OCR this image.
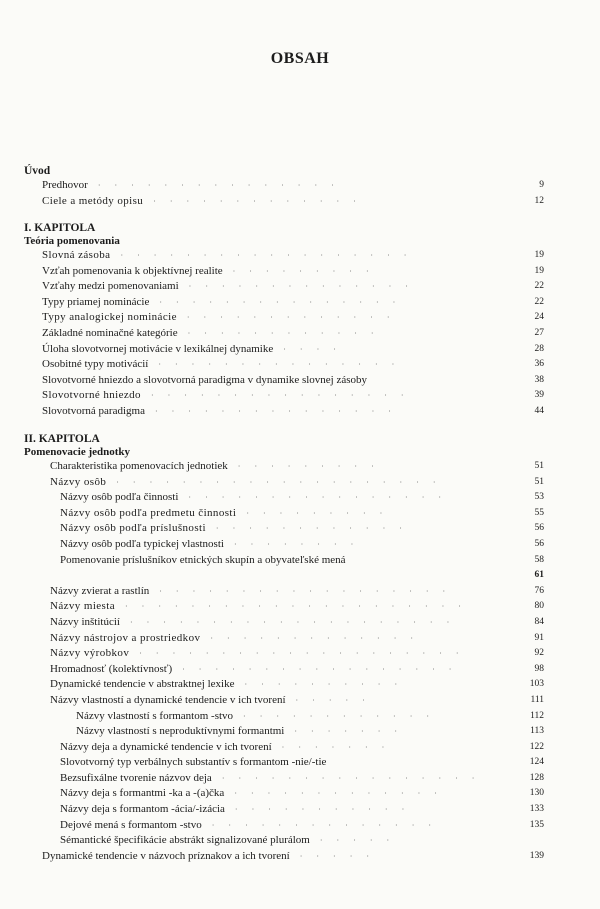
OBSAH
Úvod
Predhovor · · · · · · · · · · · · · · ·	9
Ciele a metódy opisu · · · · · · · · · · · · ·	12
I. KAPITOLA
Teória pomenovania
Slovná zásoba · · · · · · · · · · · · · · · · · ·	19
Vzťah pomenovania k objektívnej realite · · · · · · · · ·	19
Vzťahy medzi pomenovaniami · · · · · · · · · · · · · ·	22
Typy priamej nominácie · · · · · · · · · · · · · · ·	22
Typy analogickej nominácie · · · · · · · · · · · · ·	24
Základné nominačné kategórie · · · · · · · · · · · ·	27
Úloha slovotvornej motivácie v lexikálnej dynamike · · · ·	28
Osobitné typy motivácií · · · · · · · · · · · · · · ·	36
Slovotvorné hniezdo a slovotvorná paradigma v dynamike slovnej zásoby	38
Slovotvorné hniezdo · · · · · · · · · · · · · · · ·	39
Slovotvorná paradigma · · · · · · · · · · · · · · ·	44
II. KAPITOLA
Pomenovacie jednotky
Charakteristika pomenovacích jednotiek · · · · · · · · ·	51
Názvy osôb · · · · · · · · · · · · · · · · · · · ·	51
Názvy osôb podľa činnosti · · · · · · · · · · · · · · · ·	53
Názvy osôb podľa predmetu činnosti · · · · · · · · ·	55
Názvy osôb podľa príslušnosti · · · · · · · · · · · ·	56
Názvy osôb podľa typickej vlastnosti · · · · · · · ·	56
Pomenovanie príslušníkov etnických skupín a obyvateľské mená	58
61
Názvy zvierat a rastlín · · · · · · · · · · · · · · · · · ·	76
Názvy miesta · · · · · · · · · · · · · · · · · · · · ·	80
Názvy inštitúcií · · · · · · · · · · · · · · · · · · · ·	84
Názvy nástrojov a prostriedkov · · · · · · · · · · · · ·	91
Názvy výrobkov · · · · · · · · · · · · · · · · · · · ·	92
Hromadnosť (kolektívnosť) · · · · · · · · · · · · · · · · ·	98
Dynamické tendencie v abstraktnej lexike · · · · · · · · · ·	103
Názvy vlastností a dynamické tendencie v ich tvorení · · · · ·	111
Názvy vlastností s formantom -stvo · · · · · · · · · · · ·	112
Názvy vlastností s neproduktívnymi formantmi · · · · · · ·	113
Názvy deja a dynamické tendencie v ich tvorení · · · · · · ·	122
Slovotvorný typ verbálnych substantív s formantom -nie/-tie	124
Bezsufixálne tvorenie názvov deja · · · · · · · · · · · · · · · ·	128
Názvy deja s formantmi -ka a -(a)čka · · · · · · · · · · · · ·	130
Názvy deja s formantom -ácia/-izácia · · · · · · · · · · ·	133
Dejové mená s formantom -stvo · · · · · · · · · · · · · ·	135
Sémantické špecifikácie abstrákt signalizované plurálom · · · · ·
Dynamické tendencie v názvoch príznakov a ich tvorení · · · · ·	139
